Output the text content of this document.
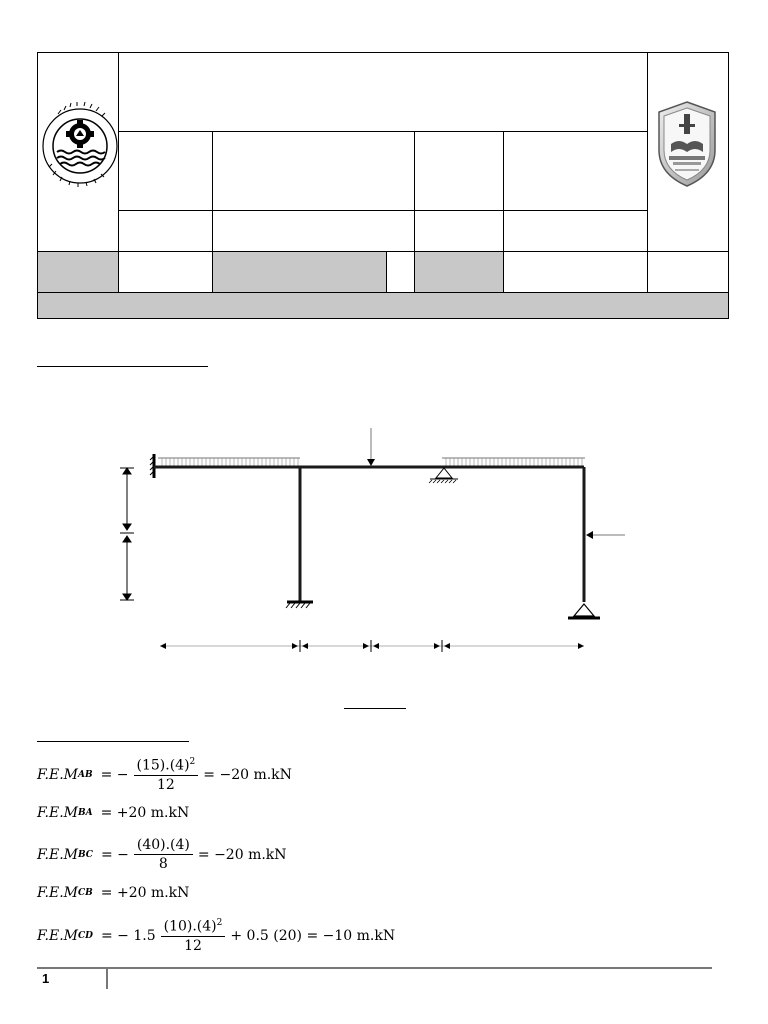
F.E.M AB = − $\frac{(15).(4)^2}{12} = -20$ m.kN
F.E.M BA = +20 m.kN
F.E.M BC = − $\frac{(40).(4)}{8} = -20$ m.kN
F.E.M CB = +20 m.kN
F.E.M CD = − $1.5 \frac{(10).(4)^2}{12} + 0.5$ (20) = −10 m.kN
1
